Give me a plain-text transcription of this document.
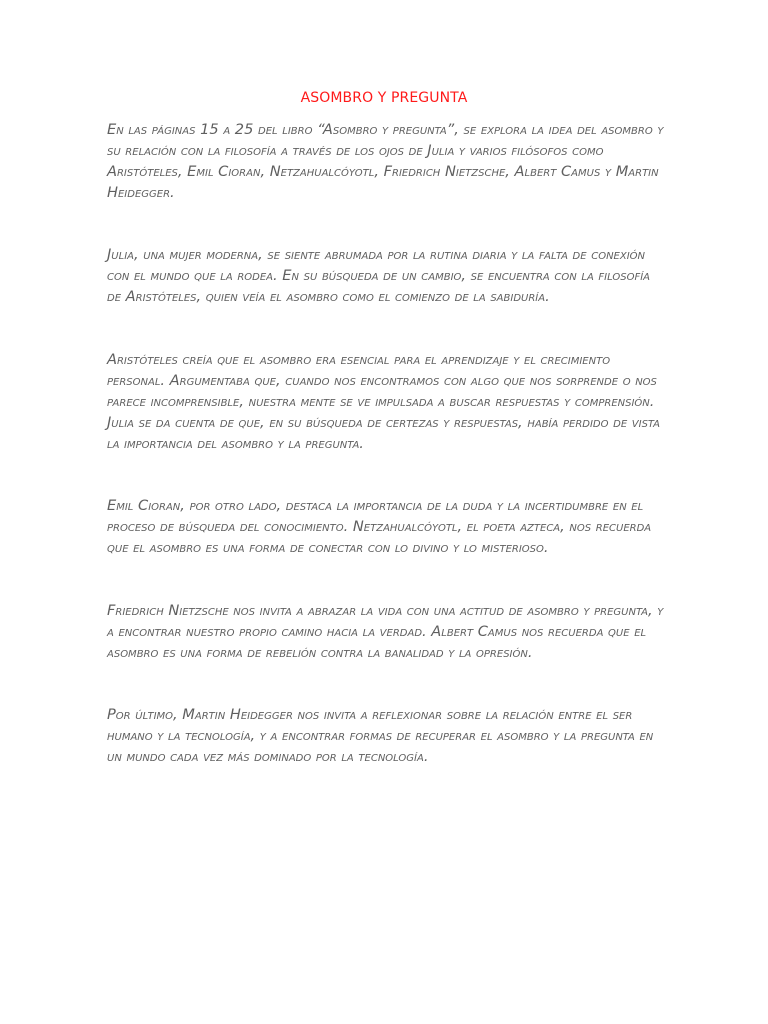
ASOMBRO Y PREGUNTA

En las páginas 15 a 25 del libro “Asombro y pregunta”, se explora la idea del asombro y su relación con la filosofía a través de los ojos de Julia y varios filósofos como Aristóteles, Emil Cioran, Netzahualcóyotl, Friedrich Nietzsche, Albert Camus y Martin Heidegger.

Julia, una mujer moderna, se siente abrumada por la rutina diaria y la falta de conexión con el mundo que la rodea. En su búsqueda de un cambio, se encuentra con la filosofía de Aristóteles, quien veía el asombro como el comienzo de la sabiduría.

Aristóteles creía que el asombro era esencial para el aprendizaje y el crecimiento personal. Argumentaba que, cuando nos encontramos con algo que nos sorprende o nos parece incomprensible, nuestra mente se ve impulsada a buscar respuestas y comprensión. Julia se da cuenta de que, en su búsqueda de certezas y respuestas, había perdido de vista la importancia del asombro y la pregunta.

Emil Cioran, por otro lado, destaca la importancia de la duda y la incertidumbre en el proceso de búsqueda del conocimiento. Netzahualcóyotl, el poeta azteca, nos recuerda que el asombro es una forma de conectar con lo divino y lo misterioso.

Friedrich Nietzsche nos invita a abrazar la vida con una actitud de asombro y pregunta, y a encontrar nuestro propio camino hacia la verdad. Albert Camus nos recuerda que el asombro es una forma de rebelión contra la banalidad y la opresión.

Por último, Martin Heidegger nos invita a reflexionar sobre la relación entre el ser humano y la tecnología, y a encontrar formas de recuperar el asombro y la pregunta en un mundo cada vez más dominado por la tecnología.
